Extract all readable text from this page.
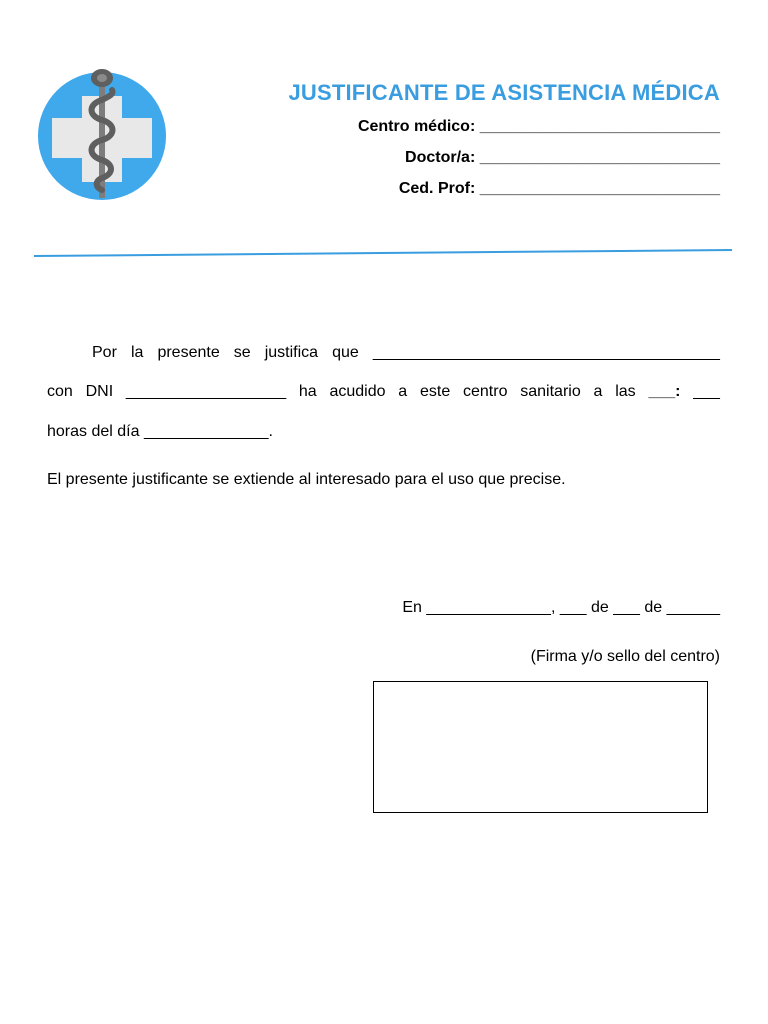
JUSTIFICANTE DE ASISTENCIA MÉDICA
Centro médico: ___________________________
Doctor/a: ___________________________
Ced. Prof: ___________________________
Por la presente se justifica que _______________________________________
con DNI __________________ ha acudido a este centro sanitario a las ___: ___
horas del día ______________.
El presente justificante se extiende al interesado para el uso que precise.
En ______________, ___ de ___ de ______
(Firma y/o sello del centro)
